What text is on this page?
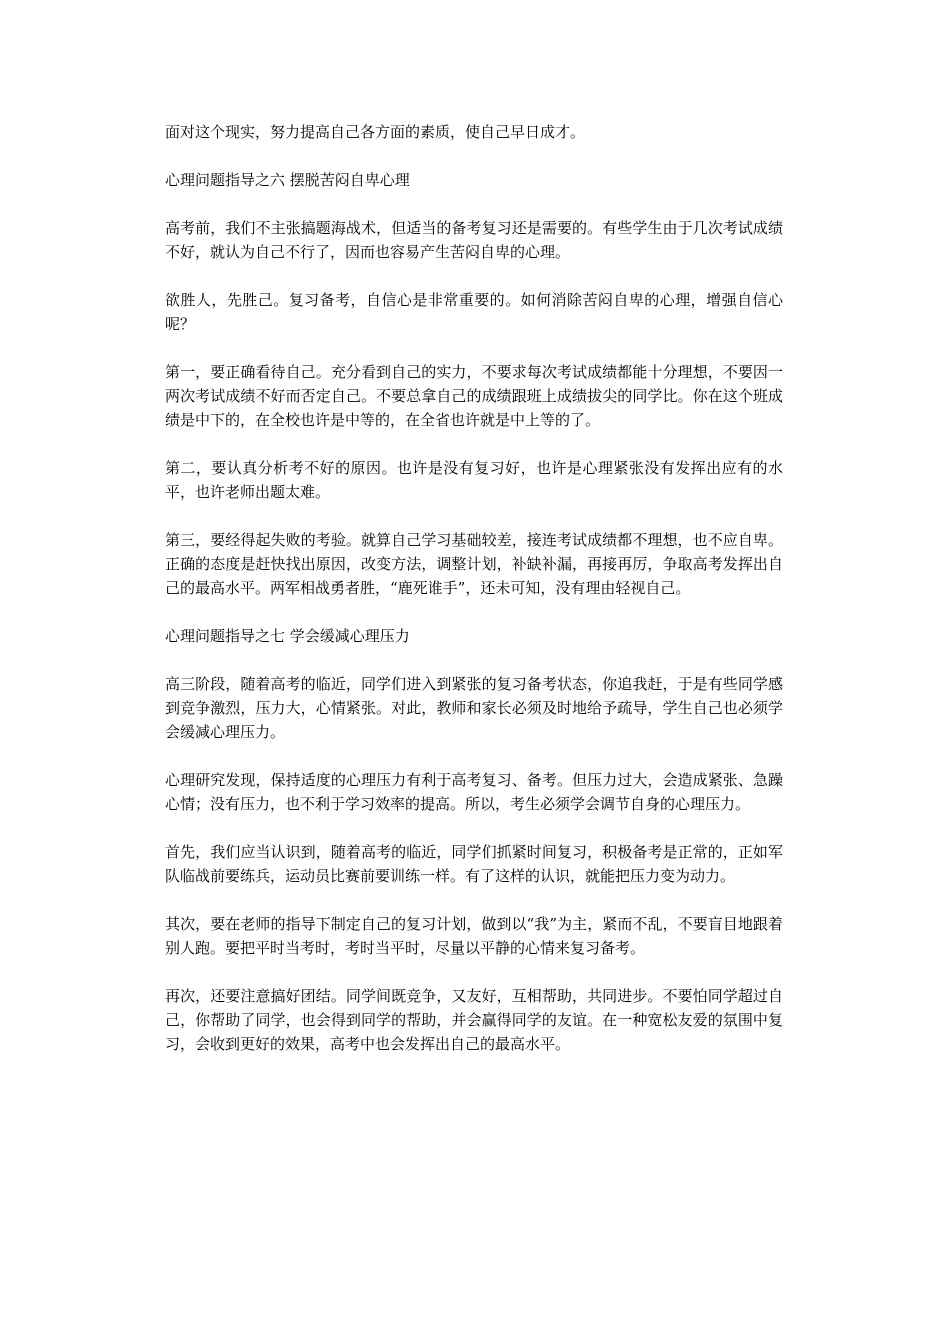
面对这个现实，努力提高自己各方面的素质，使自己早日成才。

心理问题指导之六 摆脱苦闷自卑心理

高考前，我们不主张搞题海战术，但适当的备考复习还是需要的。有些学生由于几次考试成绩不好，就认为自己不行了，因而也容易产生苦闷自卑的心理。

欲胜人，先胜己。复习备考，自信心是非常重要的。如何消除苦闷自卑的心理，增强自信心呢？

第一，要正确看待自己。充分看到自己的实力，不要求每次考试成绩都能十分理想，不要因一两次考试成绩不好而否定自己。不要总拿自己的成绩跟班上成绩拔尖的同学比。你在这个班成绩是中下的，在全校也许是中等的，在全省也许就是中上等的了。

第二，要认真分析考不好的原因。也许是没有复习好，也许是心理紧张没有发挥出应有的水平，也许老师出题太难。

第三，要经得起失败的考验。就算自己学习基础较差，接连考试成绩都不理想，也不应自卑。正确的态度是赶快找出原因，改变方法，调整计划，补缺补漏，再接再厉，争取高考发挥出自己的最高水平。两军相战勇者胜，“鹿死谁手”，还未可知，没有理由轻视自己。

心理问题指导之七 学会缓减心理压力

高三阶段，随着高考的临近，同学们进入到紧张的复习备考状态，你追我赶，于是有些同学感到竞争激烈，压力大，心情紧张。对此，教师和家长必须及时地给予疏导，学生自己也必须学会缓减心理压力。

心理研究发现，保持适度的心理压力有利于高考复习、备考。但压力过大，会造成紧张、急躁心情；没有压力，也不利于学习效率的提高。所以，考生必须学会调节自身的心理压力。

首先，我们应当认识到，随着高考的临近，同学们抓紧时间复习，积极备考是正常的，正如军队临战前要练兵，运动员比赛前要训练一样。有了这样的认识，就能把压力变为动力。

其次，要在老师的指导下制定自己的复习计划，做到以“我”为主，紧而不乱，不要盲目地跟着别人跑。要把平时当考时，考时当平时，尽量以平静的心情来复习备考。

再次，还要注意搞好团结。同学间既竞争，又友好，互相帮助，共同进步。不要怕同学超过自己，你帮助了同学，也会得到同学的帮助，并会赢得同学的友谊。在一种宽松友爱的氛围中复习，会收到更好的效果，高考中也会发挥出自己的最高水平。
